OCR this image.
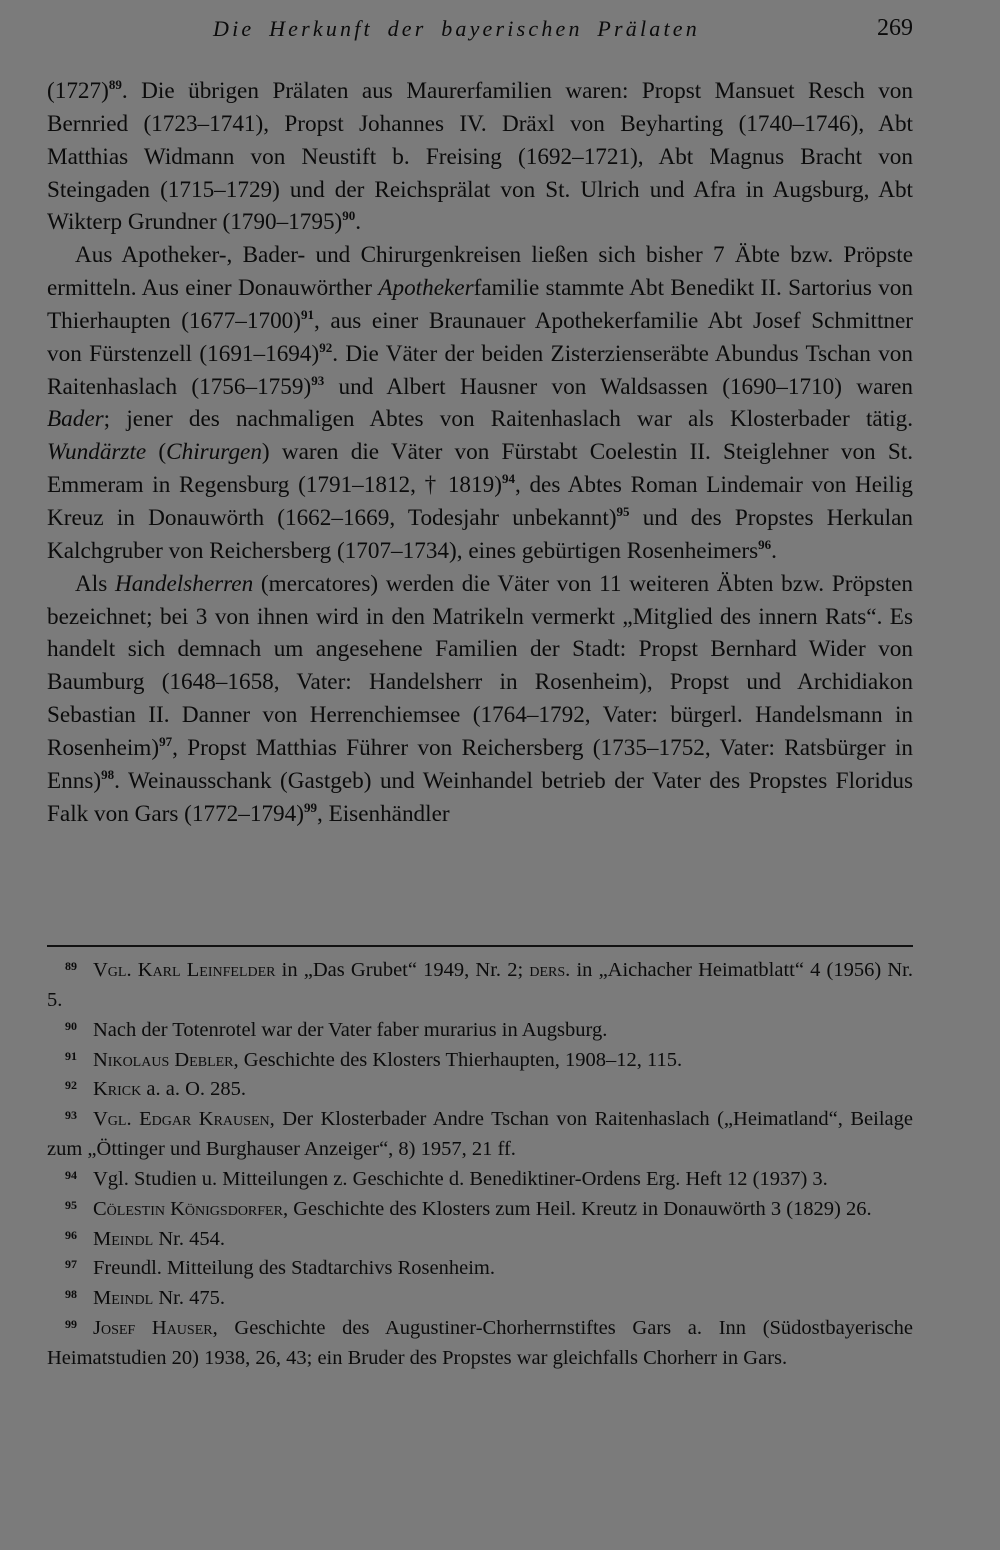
Die Herkunft der bayerischen Prälaten	269

$(1727)^{89}$. Die übrigen Prälaten aus Maurerfamilien waren: Propst Mansuet Resch von Bernried (1723–1741), Propst Johannes IV. Dräxl von Beyharting (1740–1746), Abt Matthias Widmann von Neustift b. Freising (1692–1721), Abt Magnus Bracht von Steingaden (1715–1729) und der Reichsprälat von St. Ulrich und Afra in Augsburg, Abt Wikterp Grundner (1790–1795)$^{90}$.

Aus Apotheker-, Bader- und Chirurgenkreisen ließen sich bisher 7 Äbte bzw. Pröpste ermitteln. Aus einer Donauwörther Apothekerfamilie stammte Abt Benedikt II. Sartorius von Thierhaupten (1677–1700)$^{91}$, aus einer Braunauer Apothekerfamilie Abt Josef Schmittner von Fürstenzell (1691–1694)$^{92}$. Die Väter der beiden Zisterzienseräbte Abundus Tschan von Raitenhaslach (1756–1759)$^{93}$ und Albert Hausner von Waldsassen (1690–1710) waren Bader; jener des nachmaligen Abtes von Raitenhaslach war als Klosterbader tätig. Wundärzte (Chirurgen) waren die Väter von Fürstabt Coelestin II. Steiglehner von St. Emmeram in Regensburg (1791–1812, † 1819)$^{94}$, des Abtes Roman Lindemair von Heilig Kreuz in Donauwörth (1662–1669, Todesjahr unbekannt)$^{95}$ und des Propstes Herkulan Kalchgruber von Reichersberg (1707–1734), eines gebürtigen Rosenheimers$^{96}$.

Als Handelsherren (mercatores) werden die Väter von 11 weiteren Äbten bzw. Pröpsten bezeichnet; bei 3 von ihnen wird in den Matrikeln vermerkt „Mitglied des innern Rats“. Es handelt sich demnach um angesehene Familien der Stadt: Propst Bernhard Wider von Baumburg (1648–1658, Vater: Handelsherr in Rosenheim), Propst und Archidiakon Sebastian II. Danner von Herrenchiemsee (1764–1792, Vater: bürgerl. Handelsmann in Rosenheim)$^{97}$, Propst Matthias Führer von Reichersberg (1735–1752, Vater: Ratsbürger in Enns)$^{98}$. Weinausschank (Gastgeb) und Weinhandel betrieb der Vater des Propstes Floridus Falk von Gars (1772–1794)$^{99}$, Eisenhändler

89 Vgl. Karl Leinfelder in „Das Grubet“ 1949, Nr. 2; ders. in „Aichacher Heimatblatt“ 4 (1956) Nr. 5.

90 Nach der Totenrotel war der Vater faber murarius in Augsburg.

91 Nikolaus Debler, Geschichte des Klosters Thierhaupten, 1908–12, 115.

92 Krick a. a. O. 285.

93 Vgl. Edgar Krausen, Der Klosterbader Andre Tschan von Raitenhaslach („Heimatland“, Beilage zum „Öttinger und Burghauser Anzeiger“, 8) 1957, 21 ff.

94 Vgl. Studien u. Mitteilungen z. Geschichte d. Benediktiner-Ordens Erg. Heft 12 (1937) 3.

95 Cölestin Königsdorfer, Geschichte des Klosters zum Heil. Kreutz in Donauwörth 3 (1829) 26.

96 Meindl Nr. 454.

97 Freundl. Mitteilung des Stadtarchivs Rosenheim.

98 Meindl Nr. 475.

99 Josef Hauser, Geschichte des Augustiner-Chorherrnstiftes Gars a. Inn (Südostbayerische Heimatstudien 20) 1938, 26, 43; ein Bruder des Propstes war gleichfalls Chorherr in Gars.
